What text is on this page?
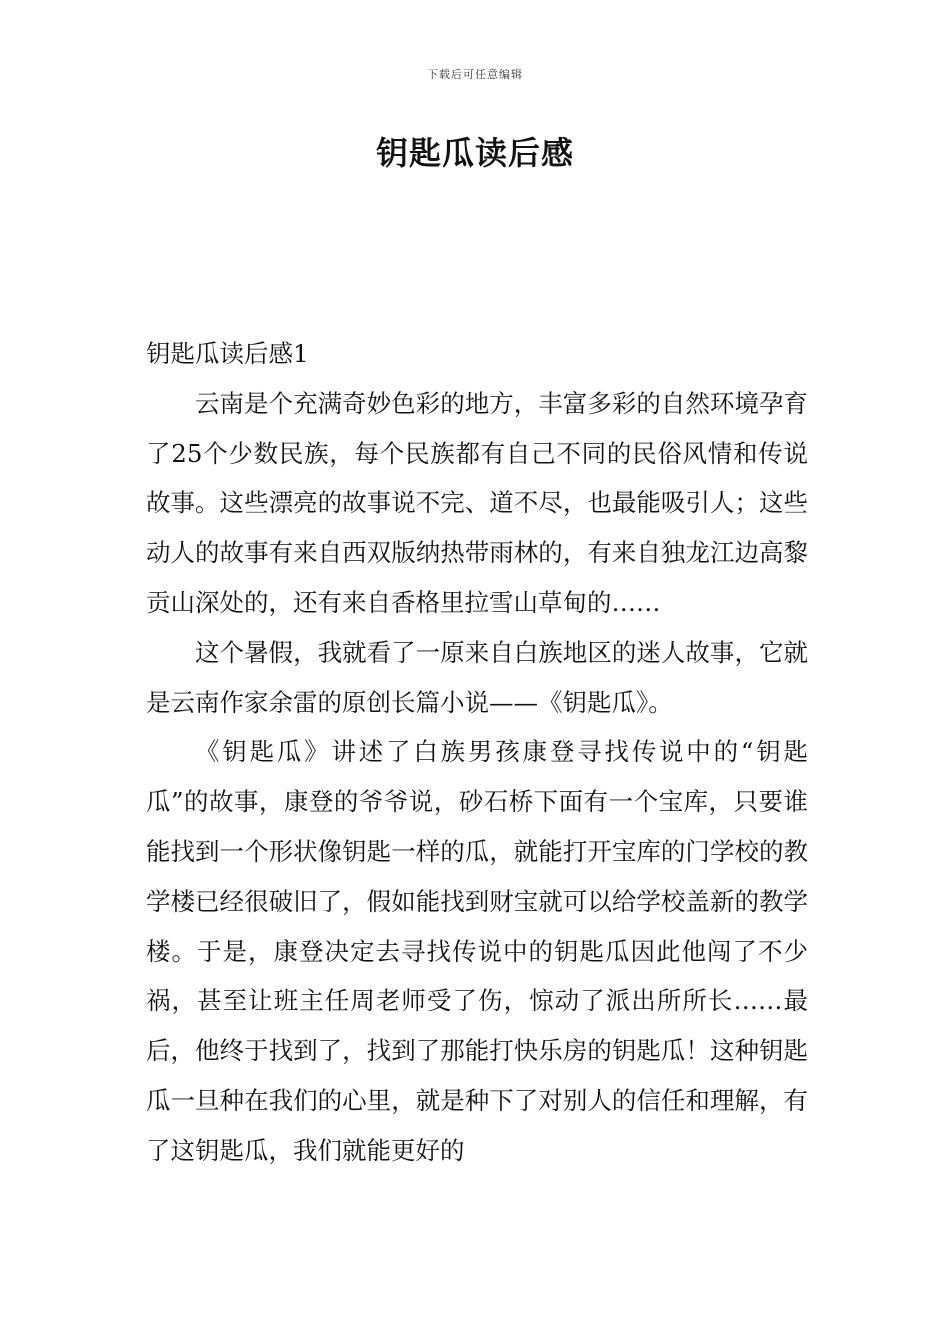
下载后可任意编辑
钥匙瓜读后感
钥匙瓜读后感1

云南是个充满奇妙色彩的地方，丰富多彩的自然环境孕育了25个少数民族，每个民族都有自己不同的民俗风情和传说故事。这些漂亮的故事说不完、道不尽，也最能吸引人；这些动人的故事有来自西双版纳热带雨林的，有来自独龙江边高黎贡山深处的，还有来自香格里拉雪山草甸的……

这个暑假，我就看了一原来自白族地区的迷人故事，它就是云南作家余雷的原创长篇小说——《钥匙瓜》。

《钥匙瓜》讲述了白族男孩康登寻找传说中的“钥匙瓜”的故事，康登的爷爷说，砂石桥下面有一个宝库，只要谁能找到一个形状像钥匙一样的瓜，就能打开宝库的门学校的教学楼已经很破旧了，假如能找到财宝就可以给学校盖新的教学楼。于是，康登决定去寻找传说中的钥匙瓜因此他闯了不少祸，甚至让班主任周老师受了伤，惊动了派出所所长……最后，他终于找到了，找到了那能打快乐房的钥匙瓜！这种钥匙瓜一旦种在我们的心里，就是种下了对别人的信任和理解，有了这钥匙瓜，我们就能更好的
